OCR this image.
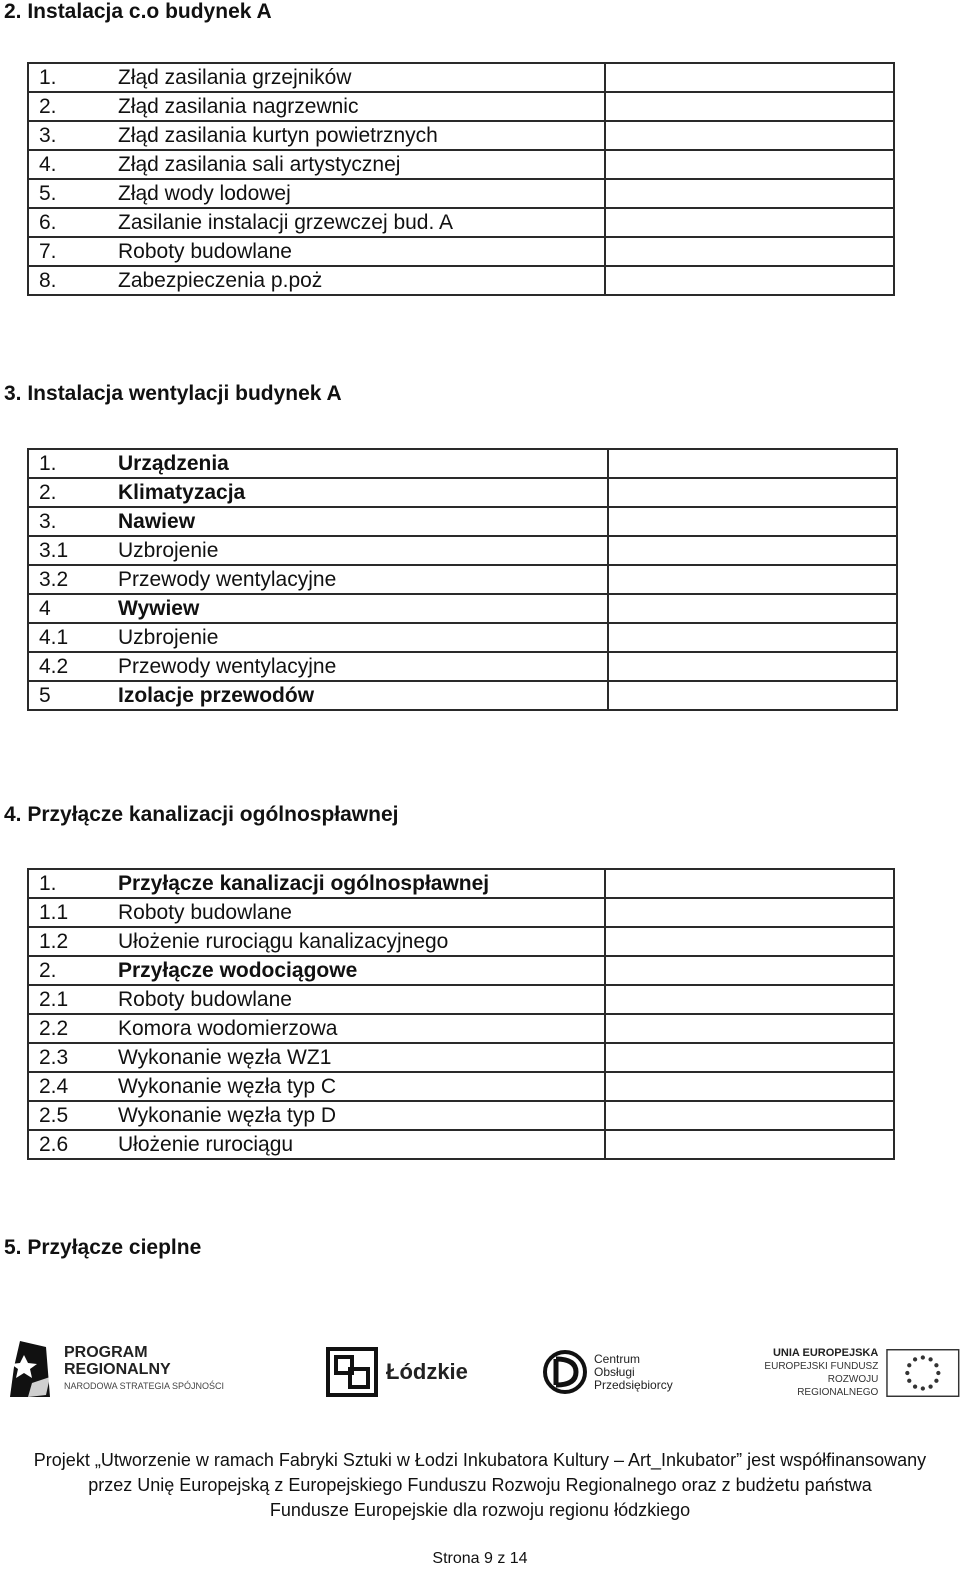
2. Instalacja c.o budynek A
1.	Złąd zasilania grzejników	
2.	Złąd zasilania nagrzewnic	
3.	Złąd zasilania kurtyn powietrznych	
4.	Złąd zasilania sali artystycznej	
5.	Złąd wody lodowej	
6.	Zasilanie instalacji grzewczej bud. A	
7.	Roboty budowlane	
8.	Zabezpieczenia p.poż	
3. Instalacja wentylacji budynek A
1.	Urządzenia	
2.	Klimatyzacja	
3.	Nawiew	
3.1	Uzbrojenie	
3.2	Przewody wentylacyjne	
4	Wywiew	
4.1	Uzbrojenie	
4.2	Przewody wentylacyjne	
5	Izolacje przewodów	
4. Przyłącze kanalizacji ogólnospławnej
1.	Przyłącze kanalizacji ogólnospławnej	
1.1	Roboty budowlane	
1.2	Ułożenie rurociągu kanalizacyjnego	
2.	Przyłącze wodociągowe	
2.1	Roboty budowlane	
2.2	Komora wodomierzowa	
2.3	Wykonanie węzła WZ1	
2.4	Wykonanie węzła typ C	
2.5	Wykonanie węzła typ D	
2.6	Ułożenie rurociągu	
5. Przyłącze cieplne
PROGRAM
REGIONALNY
NARODOWA STRATEGIA SPÓJNOŚCI
Łódzkie
Centrum
Obsługi
Przedsiębiorcy
UNIA EUROPEJSKA
EUROPEJSKI FUNDUSZ
ROZWOJU REGIONALNEGO
Projekt „Utworzenie w ramach Fabryki Sztuki w Łodzi Inkubatora Kultury – Art_Inkubator” jest współfinansowany
przez Unię Europejską z Europejskiego Funduszu Rozwoju Regionalnego oraz z budżetu państwa
Fundusze Europejskie dla rozwoju regionu łódzkiego
Strona 9 z 14
